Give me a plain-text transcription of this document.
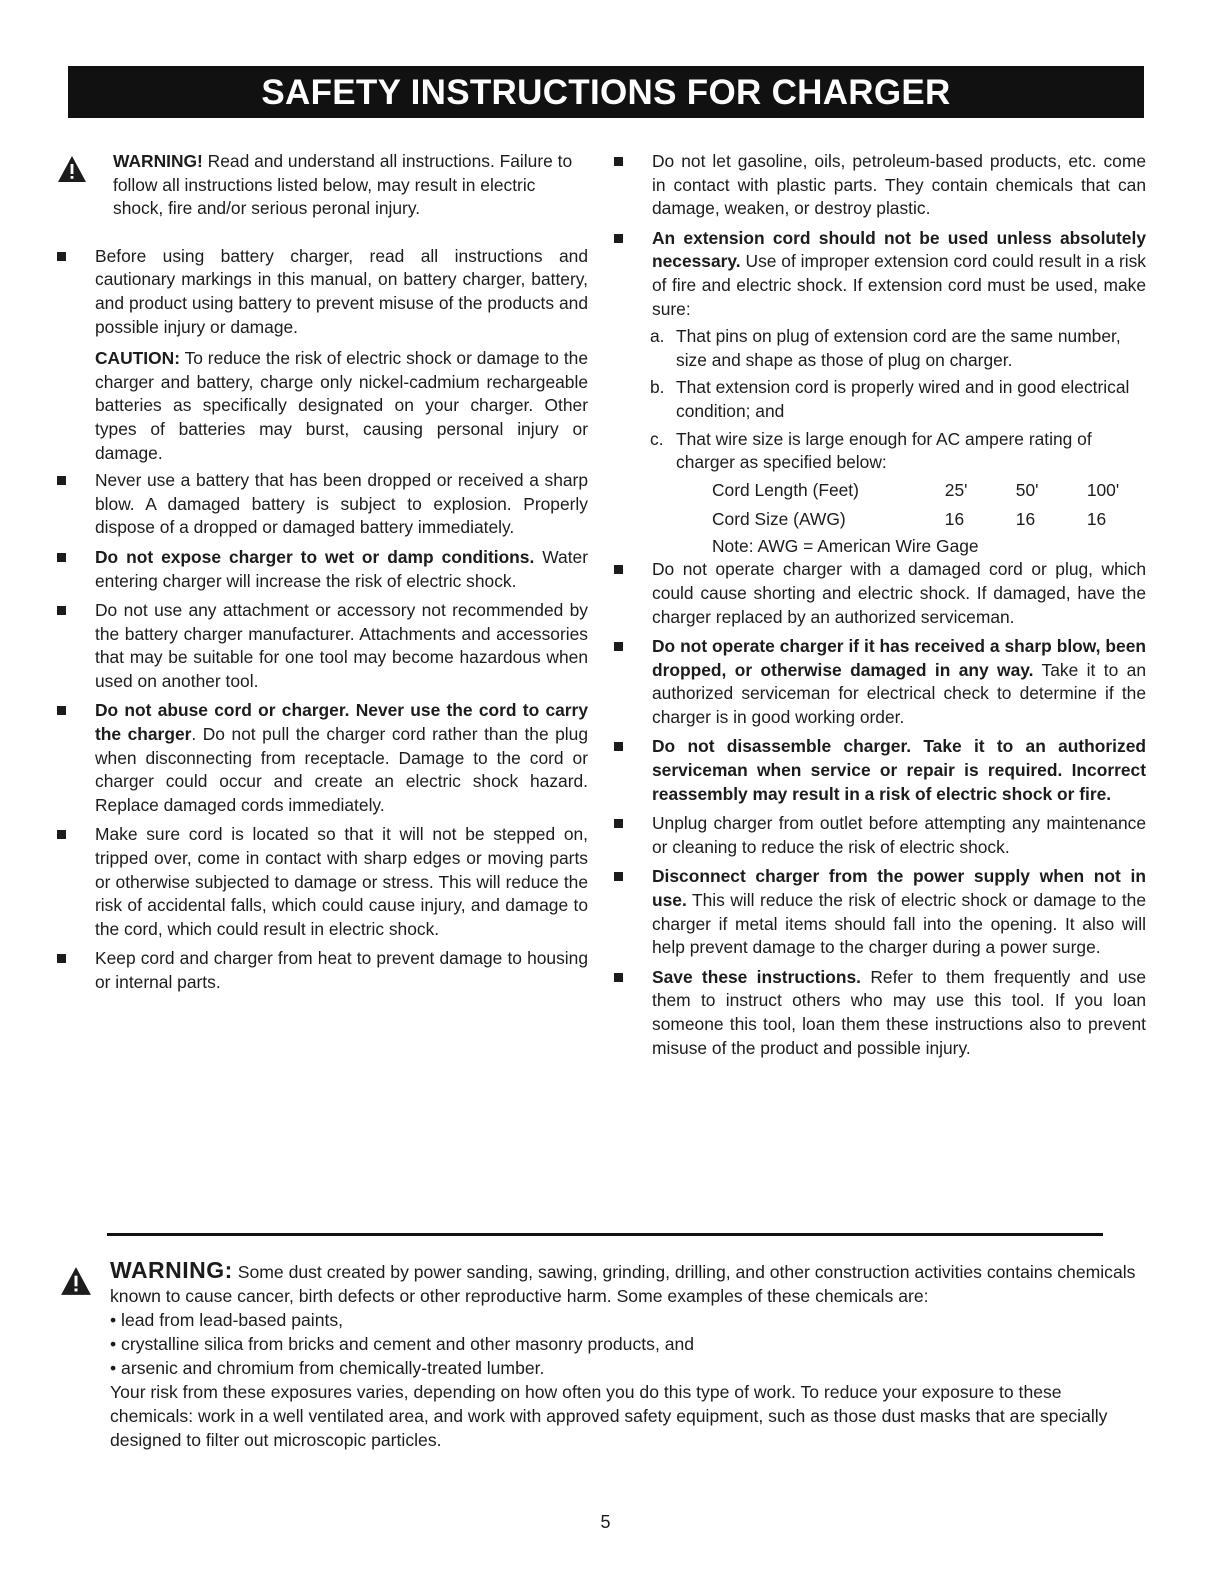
SAFETY INSTRUCTIONS FOR CHARGER
WARNING! Read and understand all instructions. Failure to follow all instructions listed below, may result in electric shock, fire and/or serious peronal injury.
Before using battery charger, read all instructions and cautionary markings in this manual, on battery charger, battery, and product using battery to prevent misuse of the products and possible injury or damage.
CAUTION: To reduce the risk of electric shock or damage to the charger and battery, charge only nickel-cadmium rechargeable batteries as specifically designated on your charger. Other types of batteries may burst, causing personal injury or damage.
Never use a battery that has been dropped or received a sharp blow. A damaged battery is subject to explosion. Properly dispose of a dropped or damaged battery immediately.
Do not expose charger to wet or damp conditions. Water entering charger will increase the risk of electric shock.
Do not use any attachment or accessory not recommended by the battery charger manufacturer. Attachments and accessories that may be suitable for one tool may become hazardous when used on another tool.
Do not abuse cord or charger. Never use the cord to carry the charger. Do not pull the charger cord rather than the plug when disconnecting from receptacle. Damage to the cord or charger could occur and create an electric shock hazard. Replace damaged cords immediately.
Make sure cord is located so that it will not be stepped on, tripped over, come in contact with sharp edges or moving parts or otherwise subjected to damage or stress. This will reduce the risk of accidental falls, which could cause injury, and damage to the cord, which could result in electric shock.
Keep cord and charger from heat to prevent damage to housing or internal parts.
Do not let gasoline, oils, petroleum-based products, etc. come in contact with plastic parts. They contain chemicals that can damage, weaken, or destroy plastic.
An extension cord should not be used unless absolutely necessary. Use of improper extension cord could result in a risk of fire and electric shock. If extension cord must be used, make sure:
a. That pins on plug of extension cord are the same number, size and shape as those of plug on charger.
b. That extension cord is properly wired and in good electrical condition; and
c. That wire size is large enough for AC ampere rating of charger as specified below:
Cord Length (Feet)	25'	50'	100'
Cord Size (AWG)	16	16	16
Note: AWG = American Wire Gage
Do not operate charger with a damaged cord or plug, which could cause shorting and electric shock. If damaged, have the charger replaced by an authorized serviceman.
Do not operate charger if it has received a sharp blow, been dropped, or otherwise damaged in any way. Take it to an authorized serviceman for electrical check to determine if the charger is in good working order.
Do not disassemble charger. Take it to an authorized serviceman when service or repair is required. Incorrect reassembly may result in a risk of electric shock or fire.
Unplug charger from outlet before attempting any maintenance or cleaning to reduce the risk of electric shock.
Disconnect charger from the power supply when not in use. This will reduce the risk of electric shock or damage to the charger if metal items should fall into the opening. It also will help prevent damage to the charger during a power surge.
Save these instructions. Refer to them frequently and use them to instruct others who may use this tool. If you loan someone this tool, loan them these instructions also to prevent misuse of the product and possible injury.
WARNING: Some dust created by power sanding, sawing, grinding, drilling, and other construction activities contains chemicals known to cause cancer, birth defects or other reproductive harm. Some examples of these chemicals are:
• lead from lead-based paints,
• crystalline silica from bricks and cement and other masonry products, and
• arsenic and chromium from chemically-treated lumber.
Your risk from these exposures varies, depending on how often you do this type of work. To reduce your exposure to these chemicals: work in a well ventilated area, and work with approved safety equipment, such as those dust masks that are specially designed to filter out microscopic particles.
5
